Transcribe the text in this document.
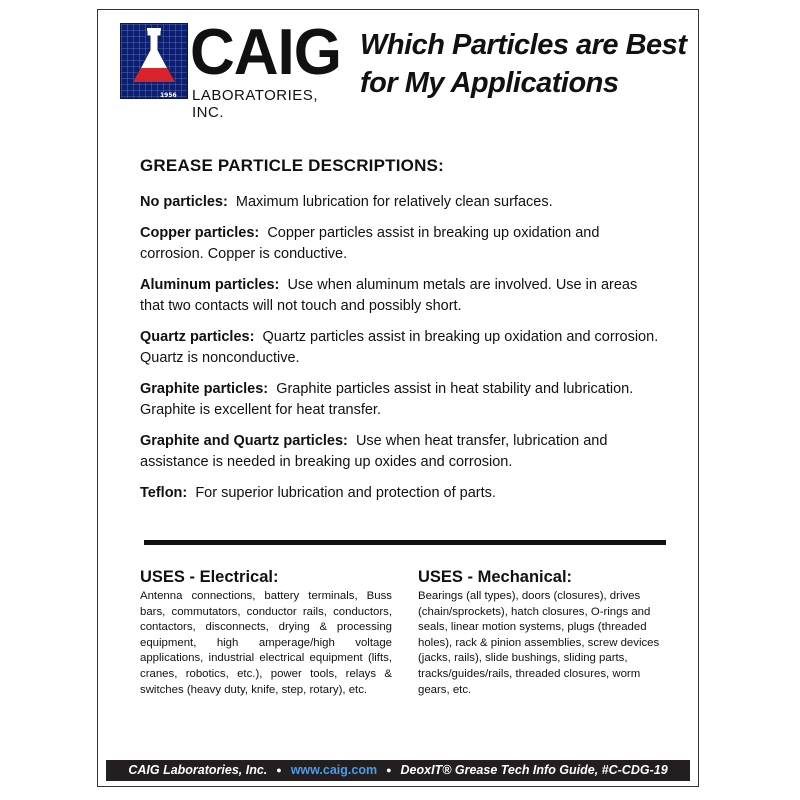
1956
CAIG
LABORATORIES, INC.
Which Particles are Best for My Applications
GREASE PARTICLE DESCRIPTIONS:
No particles: Maximum lubrication for relatively clean surfaces.
Copper particles: Copper particles assist in breaking up oxidation and corrosion. Copper is conductive.
Aluminum particles: Use when aluminum metals are involved. Use in areas that two contacts will not touch and possibly short.
Quartz particles: Quartz particles assist in breaking up oxidation and corrosion. Quartz is nonconductive.
Graphite particles: Graphite particles assist in heat stability and lubrication. Graphite is excellent for heat transfer.
Graphite and Quartz particles: Use when heat transfer, lubrication and assistance is needed in breaking up oxides and corrosion.
Teflon: For superior lubrication and protection of parts.
USES - Electrical:

Antenna connections, battery terminals, Buss bars, commutators, conductor rails, conductors, contactors, disconnects, drying & processing equipment, high amperage/high voltage applications, industrial electrical equipment (lifts, cranes, robotics, etc.), power tools, relays & switches (heavy duty, knife, step, rotary), etc.

USES - Mechanical:

Bearings (all types), doors (closures), drives (chain/sprockets), hatch closures, O-rings and seals, linear motion systems, plugs (threaded holes), rack & pinion assemblies, screw devices (jacks, rails), slide bushings, sliding parts, tracks/guides/rails, threaded closures, worm gears, etc.

CAIG Laboratories, Inc. ● www.caig.com ● DeoxIT® Grease Tech Info Guide, #C-CDG-19
